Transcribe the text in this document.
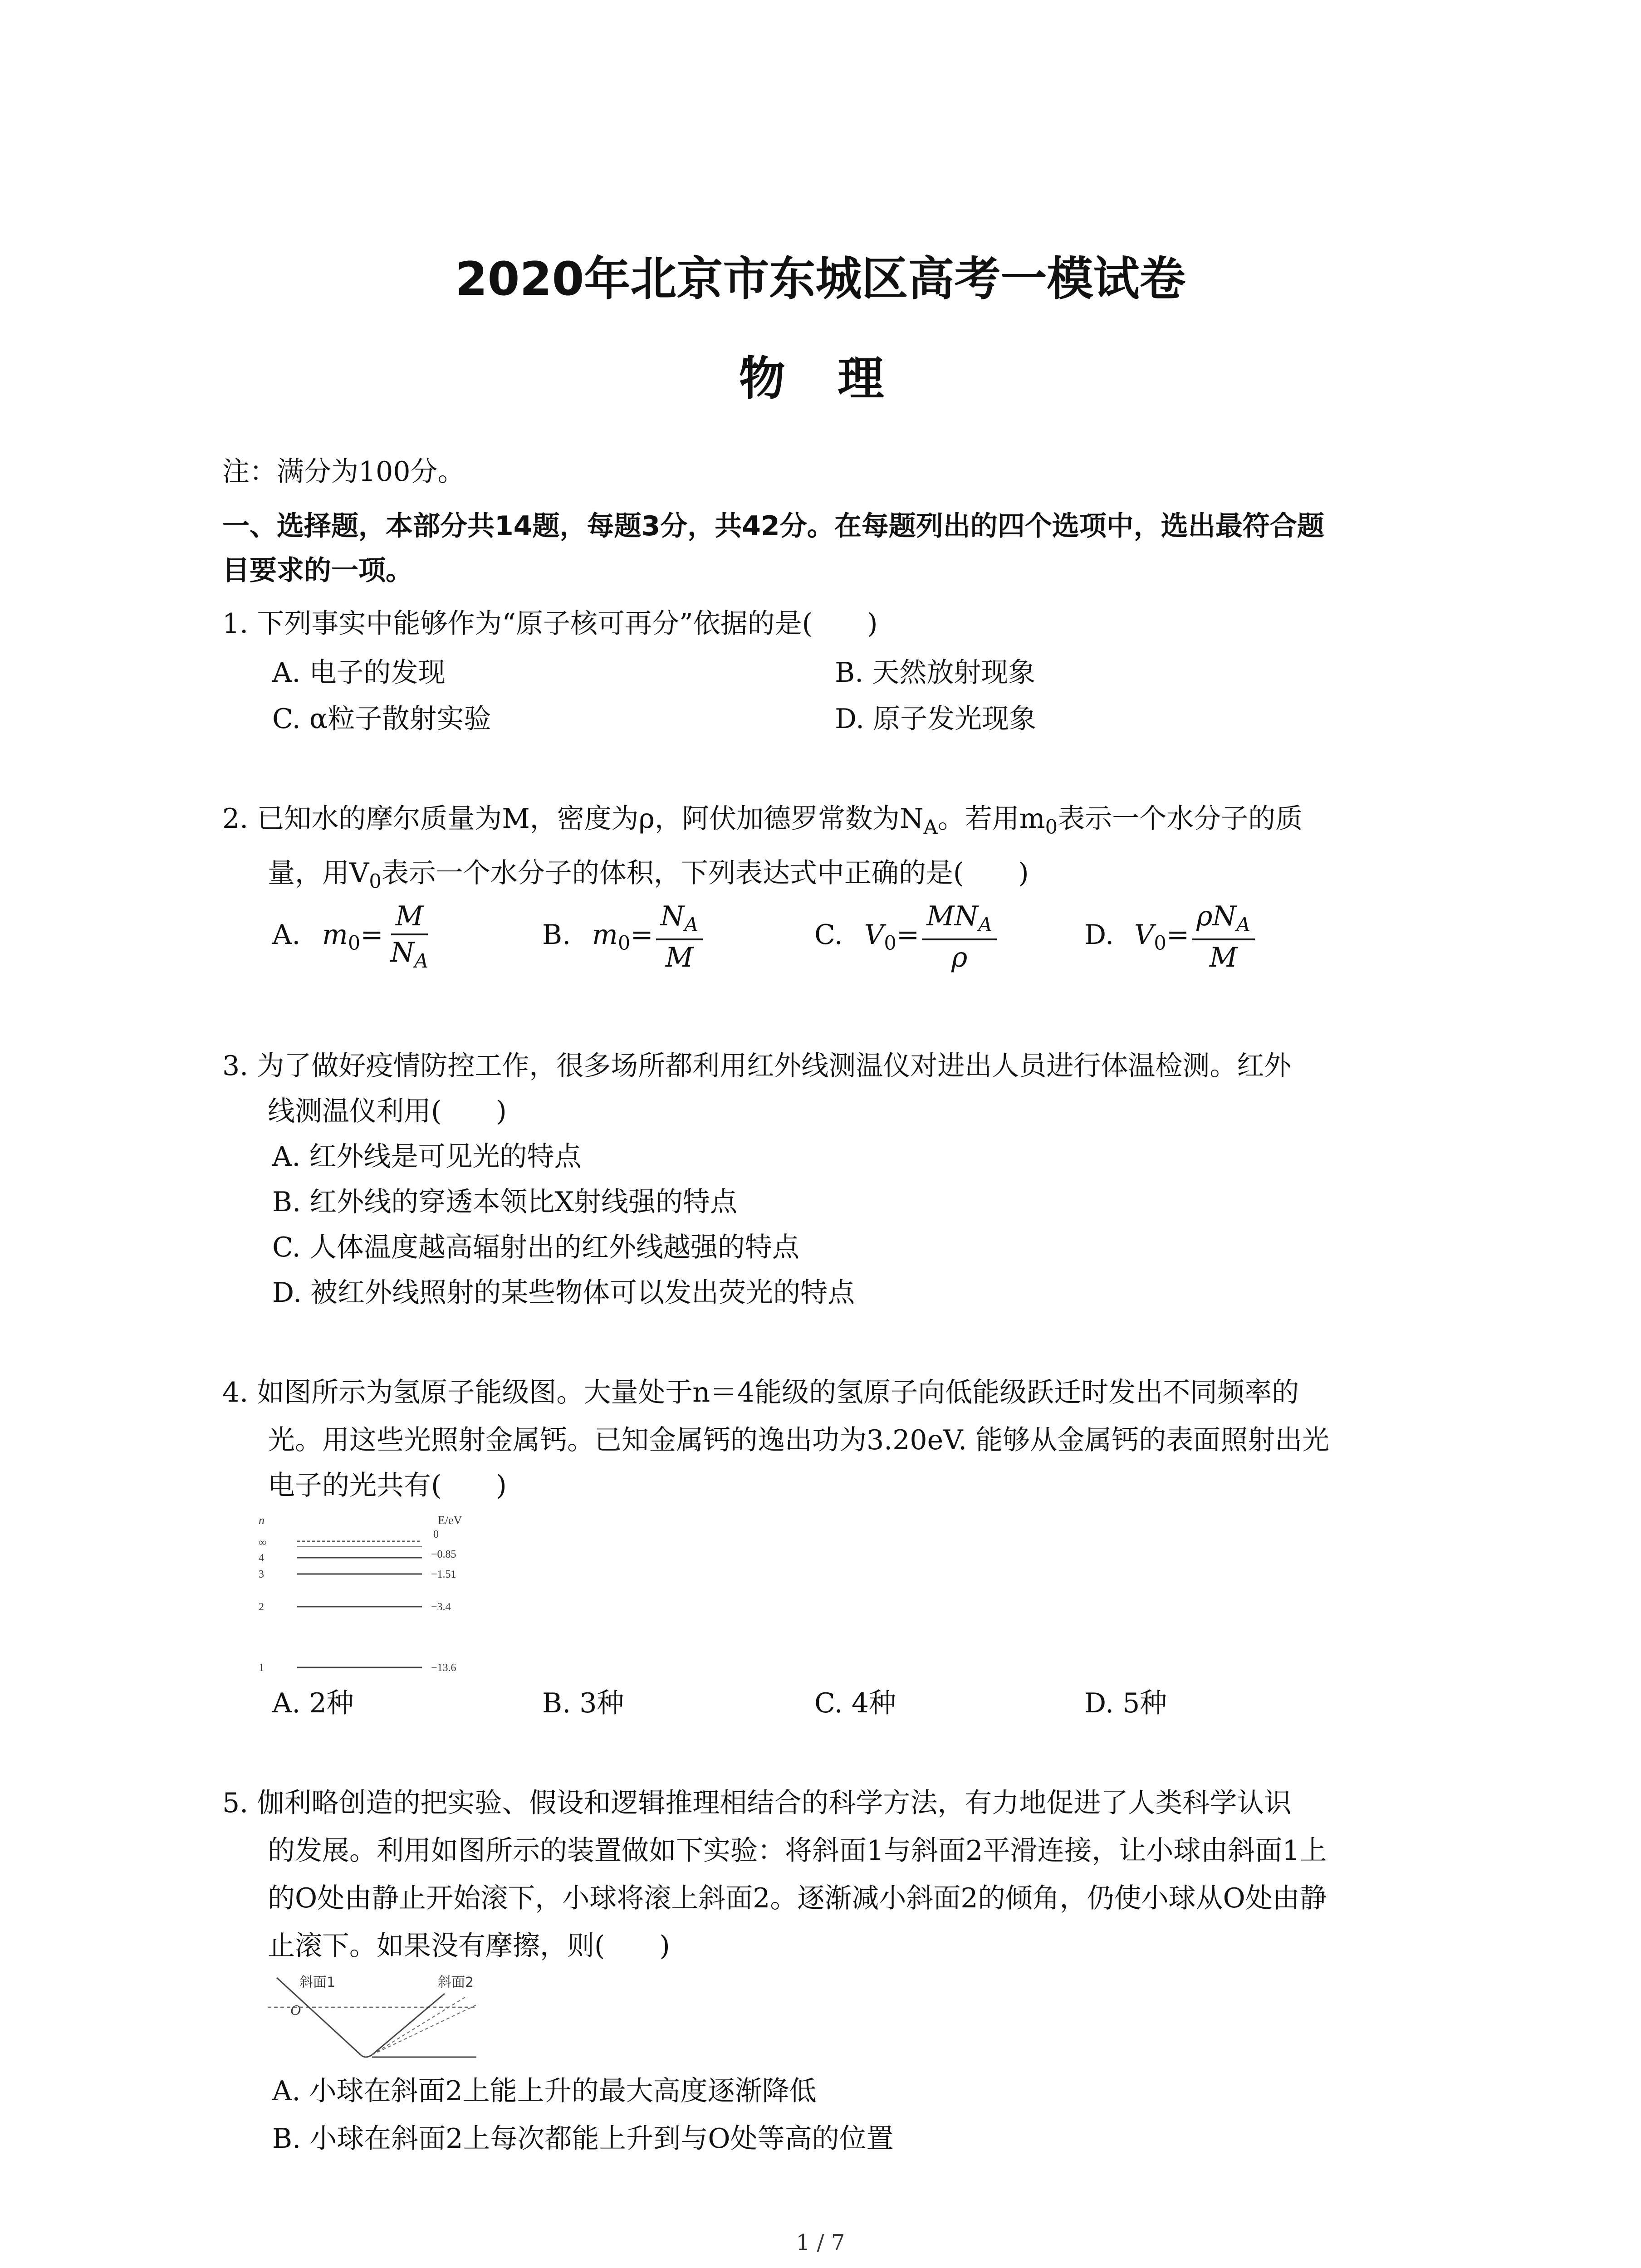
2020年北京市东城区高考一模试卷
物 理
注：满分为100分。
一、选择题，本部分共14题，每题3分，共42分。在每题列出的四个选项中，选出最符合题
目要求的一项。
1. 下列事实中能够作为“原子核可再分”依据的是(　　)
A. 电子的发现	B. 天然放射现象
C. α粒子散射实验	D. 原子发光现象
2. 已知水的摩尔质量为M，密度为ρ，阿伏加德罗常数为$N_A$。若用$m_0$表示一个水分子的质
量，用$V_0$表示一个水分子的体积，下列表达式中正确的是(　　)
A. $m_0= \frac{M}{N_A}$	B. $m_0= \frac{N_A}{M}$	C. $V_0= \frac{MN_A}{\rho}$	D. $V_0= \frac{\rho N_A}{M}$
3. 为了做好疫情防控工作，很多场所都利用红外线测温仪对进出人员进行体温检测。红外
线测温仪利用(　　)
A. 红外线是可见光的特点
B. 红外线的穿透本领比X射线强的特点
C. 人体温度越高辐射出的红外线越强的特点
D. 被红外线照射的某些物体可以发出荧光的特点
4. 如图所示为氢原子能级图。大量处于n＝4能级的氢原子向低能级跃迁时发出不同频率的
光。用这些光照射金属钙。已知金属钙的逸出功为3.20eV. 能够从金属钙的表面照射出光
电子的光共有(　　)
n	E/eV
∞
0
4	−0.85
3	−1.51
2	−3.4
1	−13.6
A. 2种	B. 3种	C. 4种	D. 5种
5. 伽利略创造的把实验、假设和逻辑推理相结合的科学方法，有力地促进了人类科学认识
的发展。利用如图所示的装置做如下实验：将斜面1与斜面2平滑连接，让小球由斜面1上
的O处由静止开始滚下，小球将滚上斜面2。逐渐减小斜面2的倾角，仍使小球从O处由静
止滚下。如果没有摩擦，则(　　)
斜面1	斜面2
O
A. 小球在斜面2上能上升的最大高度逐渐降低
B. 小球在斜面2上每次都能上升到与O处等高的位置
1 / 7
